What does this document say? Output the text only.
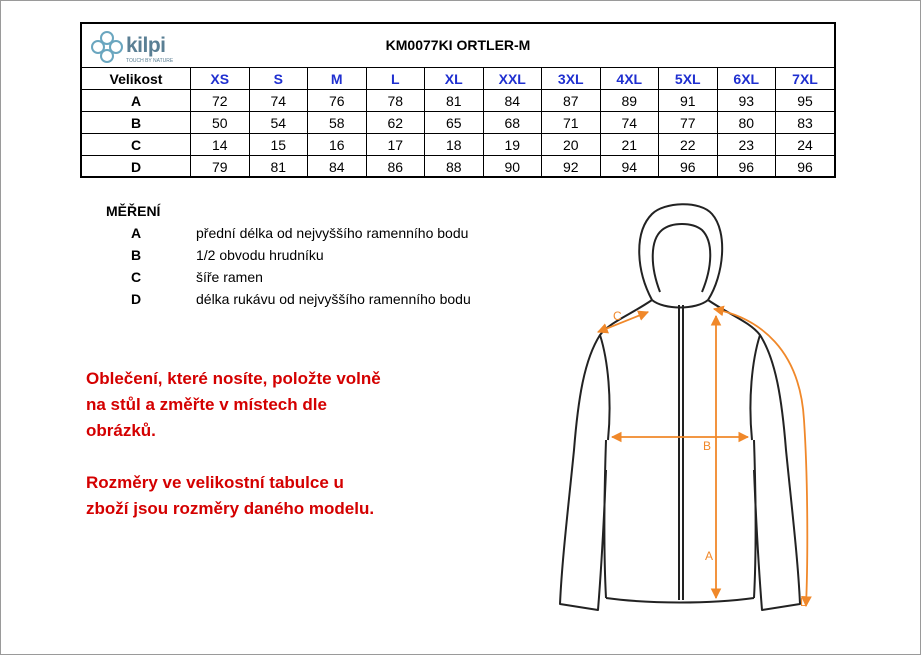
kilpi
TOUCH BY NATURE
KM0077KI ORTLER-M
Velikost	XS	S	M	L	XL	XXL	3XL	4XL	5XL	6XL	7XL
A	72	74	76	78	81	84	87	89	91	93	95
B	50	54	58	62	65	68	71	74	77	80	83
C	14	15	16	17	18	19	20	21	22	23	24
D	79	81	84	86	88	90	92	94	96	96	96
MĚŘENÍ
A	přední délka od nejvyššího ramenního bodu
B	1/2 obvodu hrudníku
C	šíře ramen
D	délka rukávu od nejvyššího ramenního bodu
Oblečení, které nosíte, položte volně
na stůl a změřte v místech dle
obrázků.
Rozměry ve velikostní tabulce u
zboží jsou rozměry daného modelu.
C
B
A
D
